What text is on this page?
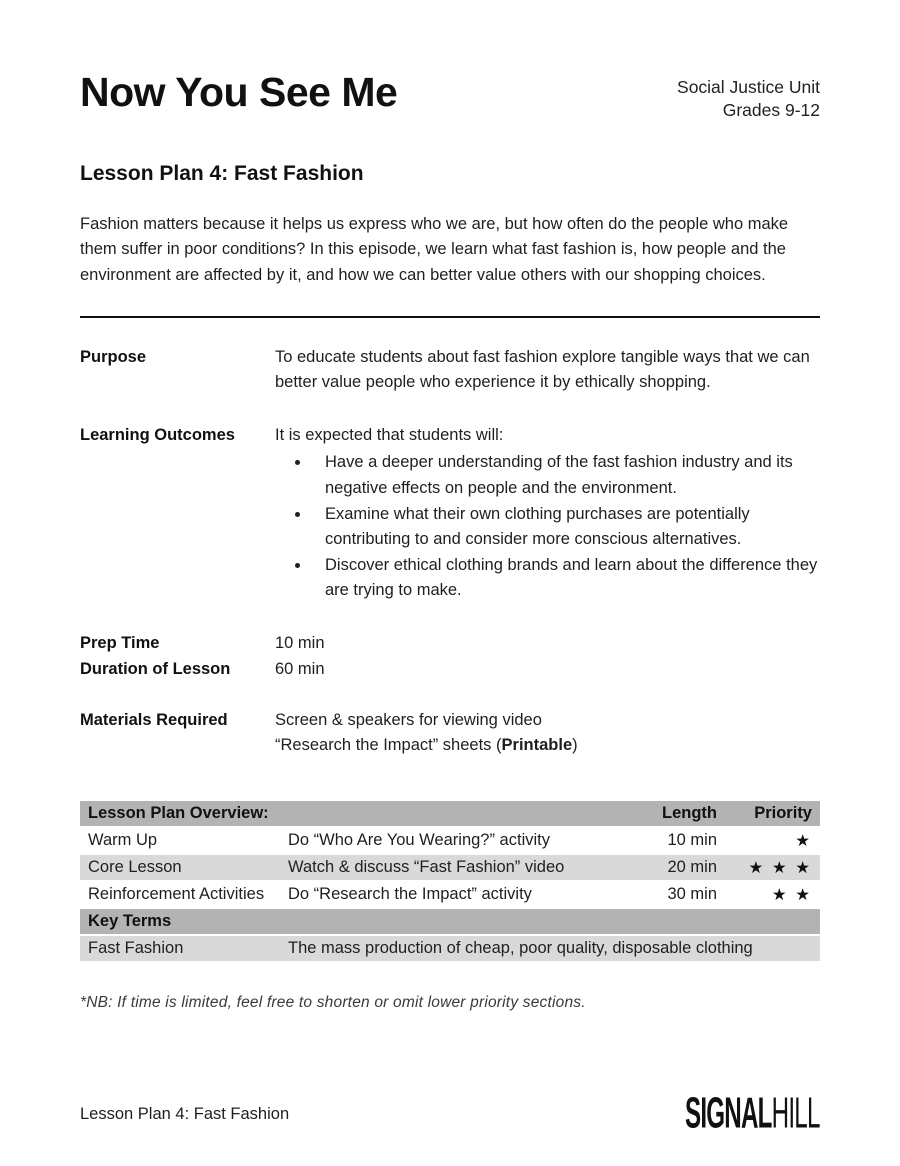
Now You See Me	Social Justice Unit
Grades 9-12
Lesson Plan 4: Fast Fashion

Fashion matters because it helps us express who we are, but how often do the people who make them suffer in poor conditions? In this episode, we learn what fast fashion is, how people and the environment are affected by it, and how we can better value others with our shopping choices.

Purpose	To educate students about fast fashion explore tangible ways that we can better value people who experience it by ethically shopping.
Learning Outcomes	It is expected that students will:
• Have a deeper understanding of the fast fashion industry and its negative effects on people and the environment.
• Examine what their own clothing purchases are potentially contributing to and consider more conscious alternatives.
• Discover ethical clothing brands and learn about the difference they are trying to make.
Prep Time	10 min
Duration of Lesson	60 min
Materials Required	Screen & speakers for viewing video
“Research the Impact” sheets (Printable)
Lesson Plan Overview:		Length	Priority
Warm Up	Do “Who Are You Wearing?” activity	10 min	★
Core Lesson	Watch & discuss “Fast Fashion” video	20 min	★ ★ ★
Reinforcement Activities	Do “Research the Impact” activity	30 min	★ ★
Key Terms			
Fast Fashion	The mass production of cheap, poor quality, disposable clothing		

*NB: If time is limited, feel free to shorten or omit lower priority sections.

Lesson Plan 4: Fast Fashion	SIGNALHILL
